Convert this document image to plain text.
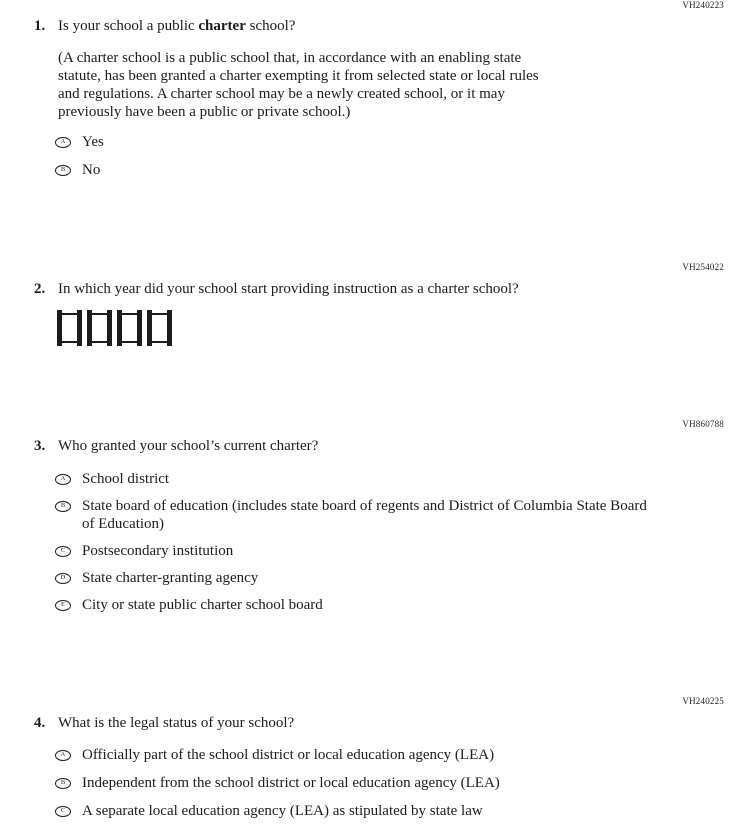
VH240223
1. Is your school a public charter school?
(A charter school is a public school that, in accordance with an enabling state
statute, has been granted a charter exempting it from selected state or local rules
and regulations. A charter school may be a newly created school, or it may
previously have been a public or private school.)
A	Yes
B	No
VH254022
2. In which year did your school start providing instruction as a charter school?
VH860788
3. Who granted your school’s current charter?
A	School district
B	State board of education (includes state board of regents and District of Columbia State Board
of Education)
C	Postsecondary institution
D	State charter-granting agency
E	City or state public charter school board
VH240225
4. What is the legal status of your school?
A	Officially part of the school district or local education agency (LEA)
B	Independent from the school district or local education agency (LEA)
C	A separate local education agency (LEA) as stipulated by state law
